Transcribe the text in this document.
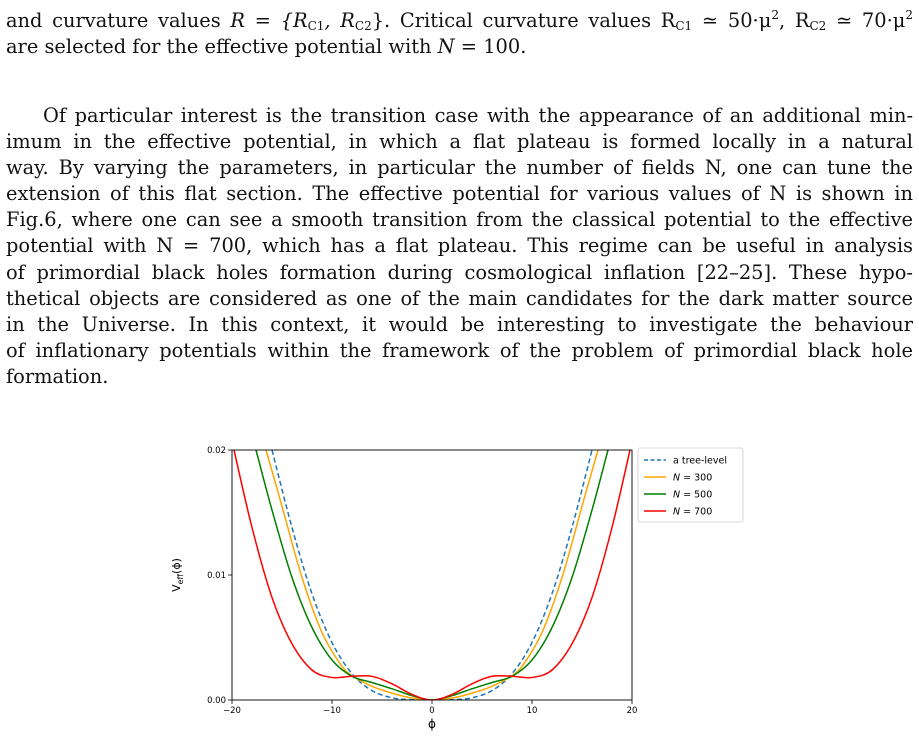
and curvature values $R = \{R_{C1}$, $R_{C2}$}. Critical curvature values $R_{C1}$ ≃ $50\cdot\mu^2$, $R_{C2}$ ≃ $70\cdot\mu^2$
are selected for the effective potential with N = 100.
Of particular interest is the transition case with the appearance of an additional min-
imum in the effective potential, in which a flat plateau is formed locally in a natural
way. By varying the parameters, in particular the number of fields N, one can tune the
extension of this flat section. The effective potential for various values of N is shown in
Fig.6, where one can see a smooth transition from the classical potential to the effective
potential with N = 700, which has a flat plateau. This regime can be useful in analysis
of primordial black holes formation during cosmological inflation [22–25]. These hypo-
thetical objects are considered as one of the main candidates for the dark matter source
in the Universe. In this context, it would be interesting to investigate the behaviour
of inflationary potentials within the framework of the problem of primordial black hole
formation.
−20	−10	0	10	20
0.00
0.01
0.02
$V_{eff}(\phi)$
ϕ
a tree-level
N = 300
N = 500
N = 700
